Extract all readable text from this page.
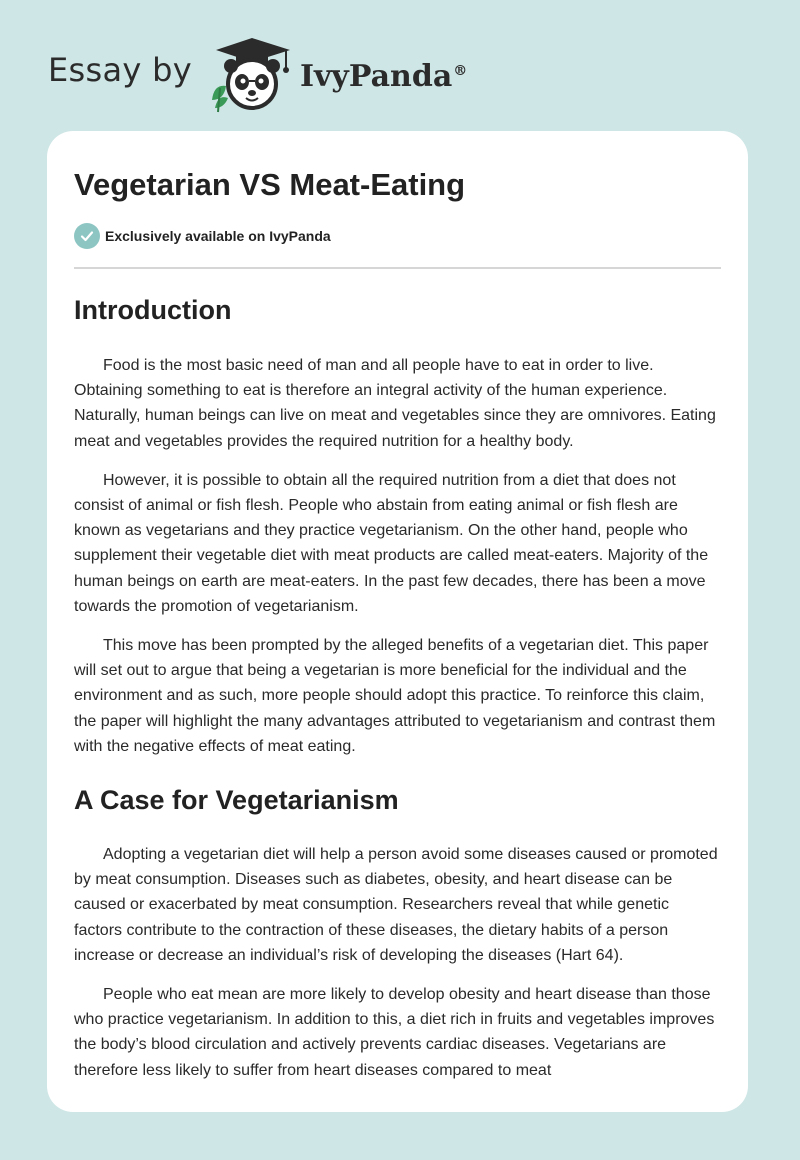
Essay by	IvyPanda®
Vegetarian VS Meat-Eating
Exclusively available on IvyPanda
Introduction

Food is the most basic need of man and all people have to eat in order to live. Obtaining something to eat is therefore an integral activity of the human experience. Naturally, human beings can live on meat and vegetables since they are omnivores. Eating meat and vegetables provides the required nutrition for a healthy body.

However, it is possible to obtain all the required nutrition from a diet that does not consist of animal or fish flesh. People who abstain from eating animal or fish flesh are known as vegetarians and they practice vegetarianism. On the other hand, people who supplement their vegetable diet with meat products are called meat-eaters. Majority of the human beings on earth are meat-eaters. In the past few decades, there has been a move towards the promotion of vegetarianism.

This move has been prompted by the alleged benefits of a vegetarian diet. This paper will set out to argue that being a vegetarian is more beneficial for the individual and the environment and as such, more people should adopt this practice. To reinforce this claim, the paper will highlight the many advantages attributed to vegetarianism and contrast them with the negative effects of meat eating.

A Case for Vegetarianism

Adopting a vegetarian diet will help a person avoid some diseases caused or promoted by meat consumption. Diseases such as diabetes, obesity, and heart disease can be caused or exacerbated by meat consumption. Researchers reveal that while genetic factors contribute to the contraction of these diseases, the dietary habits of a person increase or decrease an individual’s risk of developing the diseases (Hart 64).

People who eat mean are more likely to develop obesity and heart disease than those who practice vegetarianism. In addition to this, a diet rich in fruits and vegetables improves the body’s blood circulation and actively prevents cardiac diseases. Vegetarians are therefore less likely to suffer from heart diseases compared to meat
